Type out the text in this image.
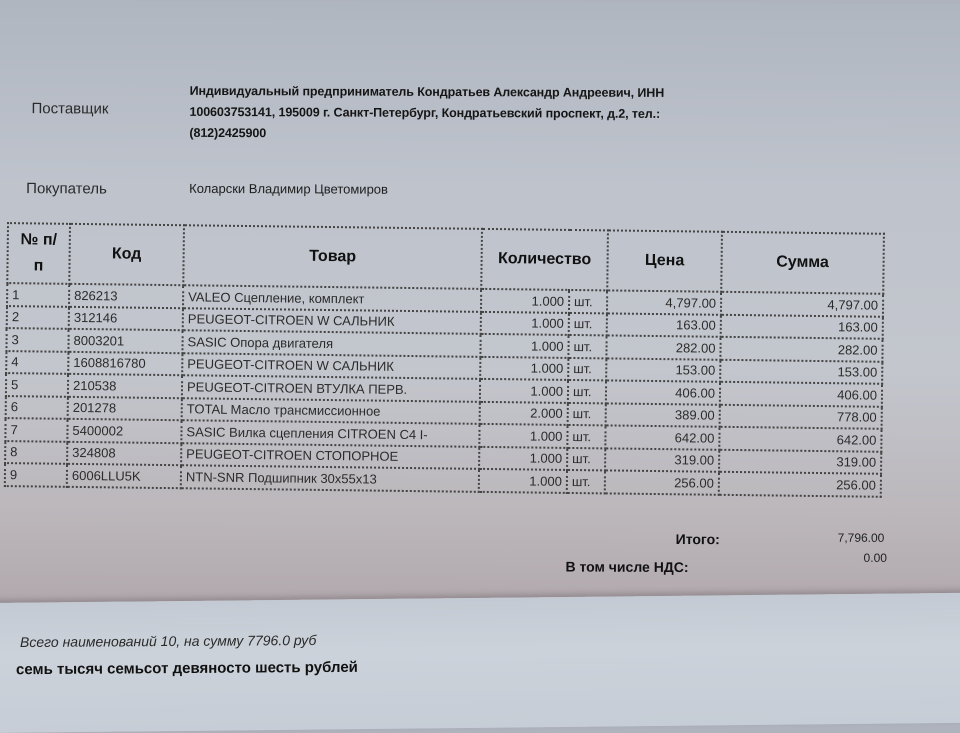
Поставщик
Индивидуальный предприниматель Кондратьев Александр Андреевич, ИНН
100603753141, 195009 г. Санкт-Петербург, Кондратьевский проспект, д.2, тел.:
(812)2425900
Покупатель	Коларски Владимир Цветомиров
№ п/
п	Код	Товар	Количество		Цена	Сумма
1	826213	VALEO Сцепление, комплект	1.000	шт.	4,797.00	4,797.00
2	312146	PEUGEOT-CITROEN W САЛЬНИК	1.000	шт.	163.00	163.00
3	8003201	SASIC Опора двигателя	1.000	шт.	282.00	282.00
4	1608816780	PEUGEOT-CITROEN W САЛЬНИК	1.000	шт.	153.00	153.00
5	210538	PEUGEOT-CITROEN ВТУЛКА ПЕРВ.	1.000	шт.	406.00	406.00
6	201278	TOTAL Масло трансмиссионное	2.000	шт.	389.00	778.00
7	5400002	SASIC Вилка сцепления CITROEN C4 I-	1.000	шт.	642.00	642.00
8	324808	PEUGEOT-CITROEN СТОПОРНОЕ	1.000	шт.	319.00	319.00
9	6006LLU5K	NTN-SNR Подшипник 30x55x13	1.000	шт.	256.00	256.00
Итого:	7,796.00
В том числе НДС:
0.00
Всего наименований 10, на сумму 7796.0 руб
семь тысяч семьсот девяносто шесть рублей
